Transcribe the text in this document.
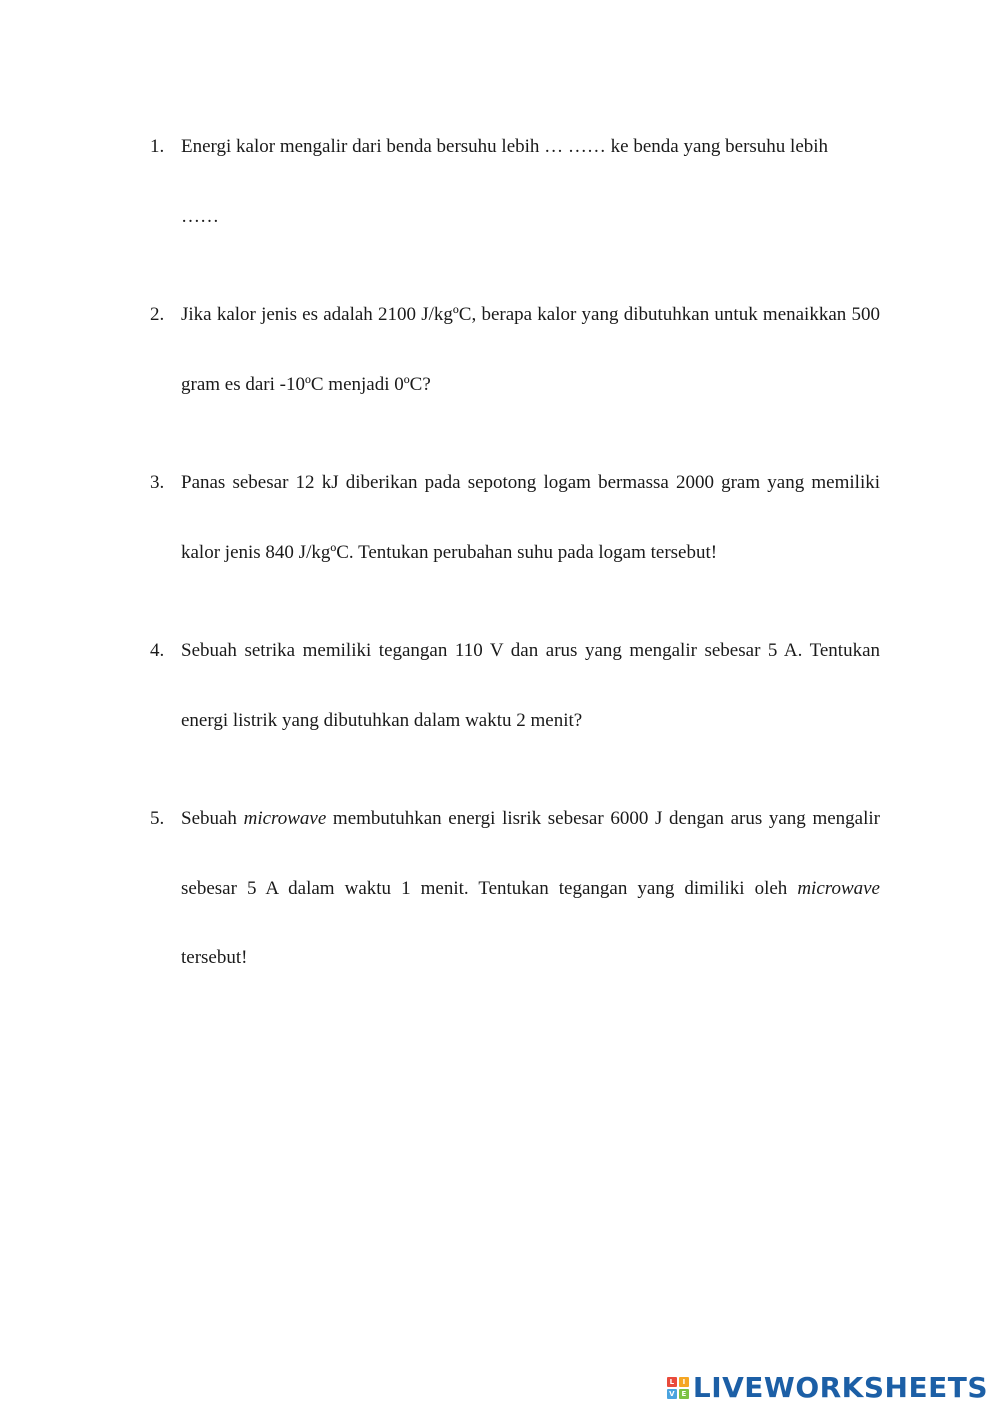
1. Energi kalor mengalir dari benda bersuhu lebih … …… ke benda yang bersuhu lebih
……
2. Jika kalor jenis es adalah 2100 J/kgºC, berapa kalor yang dibutuhkan untuk menaikkan 500 gram es dari -10ºC menjadi 0ºC?
3. Panas sebesar 12 kJ diberikan pada sepotong logam bermassa 2000 gram yang memiliki kalor jenis 840 J/kgºC. Tentukan perubahan suhu pada logam tersebut!
4. Sebuah setrika memiliki tegangan 110 V dan arus yang mengalir sebesar 5 A. Tentukan energi listrik yang dibutuhkan dalam waktu 2 menit?
5. Sebuah microwave membutuhkan energi lisrik sebesar 6000 J dengan arus yang mengalir sebesar 5 A dalam waktu 1 menit. Tentukan tegangan yang dimiliki oleh microwave tersebut!
L	I
V E LIVEWORKSHEETS
